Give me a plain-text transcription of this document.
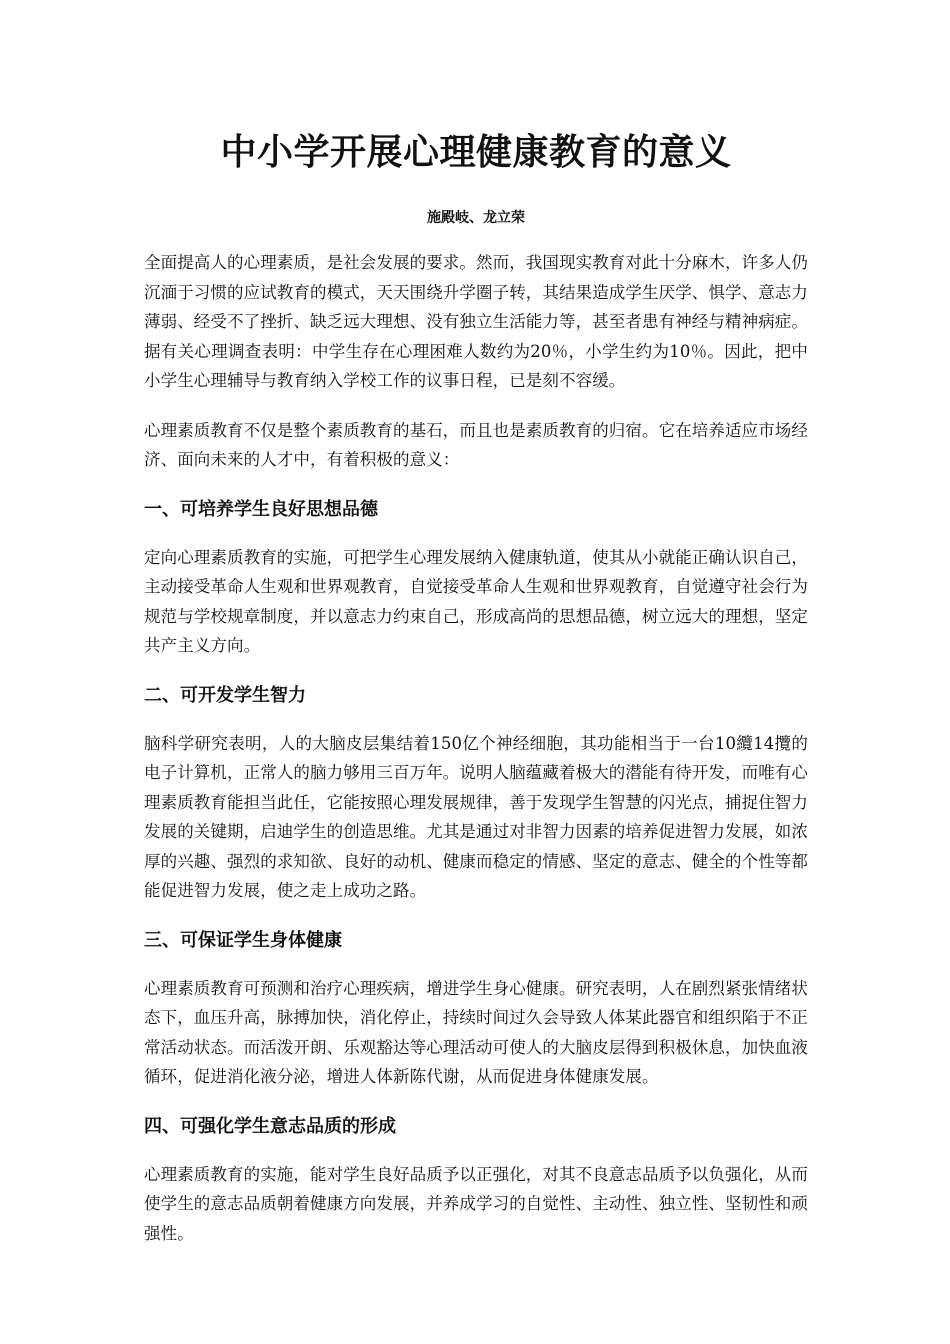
中小学开展心理健康教育的意义
施殿岐、龙立荣

全面提高人的心理素质，是社会发展的要求。然而，我国现实教育对此十分麻木，许多人仍沉湎于习惯的应试教育的模式，天天围绕升学圈子转，其结果造成学生厌学、惧学、意志力薄弱、经受不了挫折、缺乏远大理想、没有独立生活能力等，甚至者患有神经与精神病症。据有关心理调查表明：中学生存在心理困难人数约为20％，小学生约为10％。因此，把中小学生心理辅导与教育纳入学校工作的议事日程，已是刻不容缓。

心理素质教育不仅是整个素质教育的基石，而且也是素质教育的归宿。它在培养适应市场经济、面向未来的人才中，有着积极的意义：

一、可培养学生良好思想品德

定向心理素质教育的实施，可把学生心理发展纳入健康轨道，使其从小就能正确认识自己，主动接受革命人生观和世界观教育，自觉接受革命人生观和世界观教育，自觉遵守社会行为规范与学校规章制度，并以意志力约束自己，形成高尚的思想品德，树立远大的理想，坚定共产主义方向。

二、可开发学生智力

脑科学研究表明，人的大脑皮层集结着150亿个神经细胞，其功能相当于一台10纜14攬的电子计算机，正常人的脑力够用三百万年。说明人脑蕴藏着极大的潜能有待开发，而唯有心理素质教育能担当此任，它能按照心理发展规律，善于发现学生智慧的闪光点，捕捉住智力发展的关键期，启迪学生的创造思维。尤其是通过对非智力因素的培养促进智力发展，如浓厚的兴趣、强烈的求知欲、良好的动机、健康而稳定的情感、坚定的意志、健全的个性等都能促进智力发展，使之走上成功之路。

三、可保证学生身体健康

心理素质教育可预测和治疗心理疾病，增进学生身心健康。研究表明，人在剧烈紧张情绪状态下，血压升高，脉搏加快，消化停止，持续时间过久会导致人体某此器官和组织陷于不正常活动状态。而活泼开朗、乐观豁达等心理活动可使人的大脑皮层得到积极休息，加快血液循环，促进消化液分泌，增进人体新陈代谢，从而促进身体健康发展。

四、可强化学生意志品质的形成

心理素质教育的实施，能对学生良好品质予以正强化，对其不良意志品质予以负强化，从而使学生的意志品质朝着健康方向发展，并养成学习的自觉性、主动性、独立性、坚韧性和顽强性。
